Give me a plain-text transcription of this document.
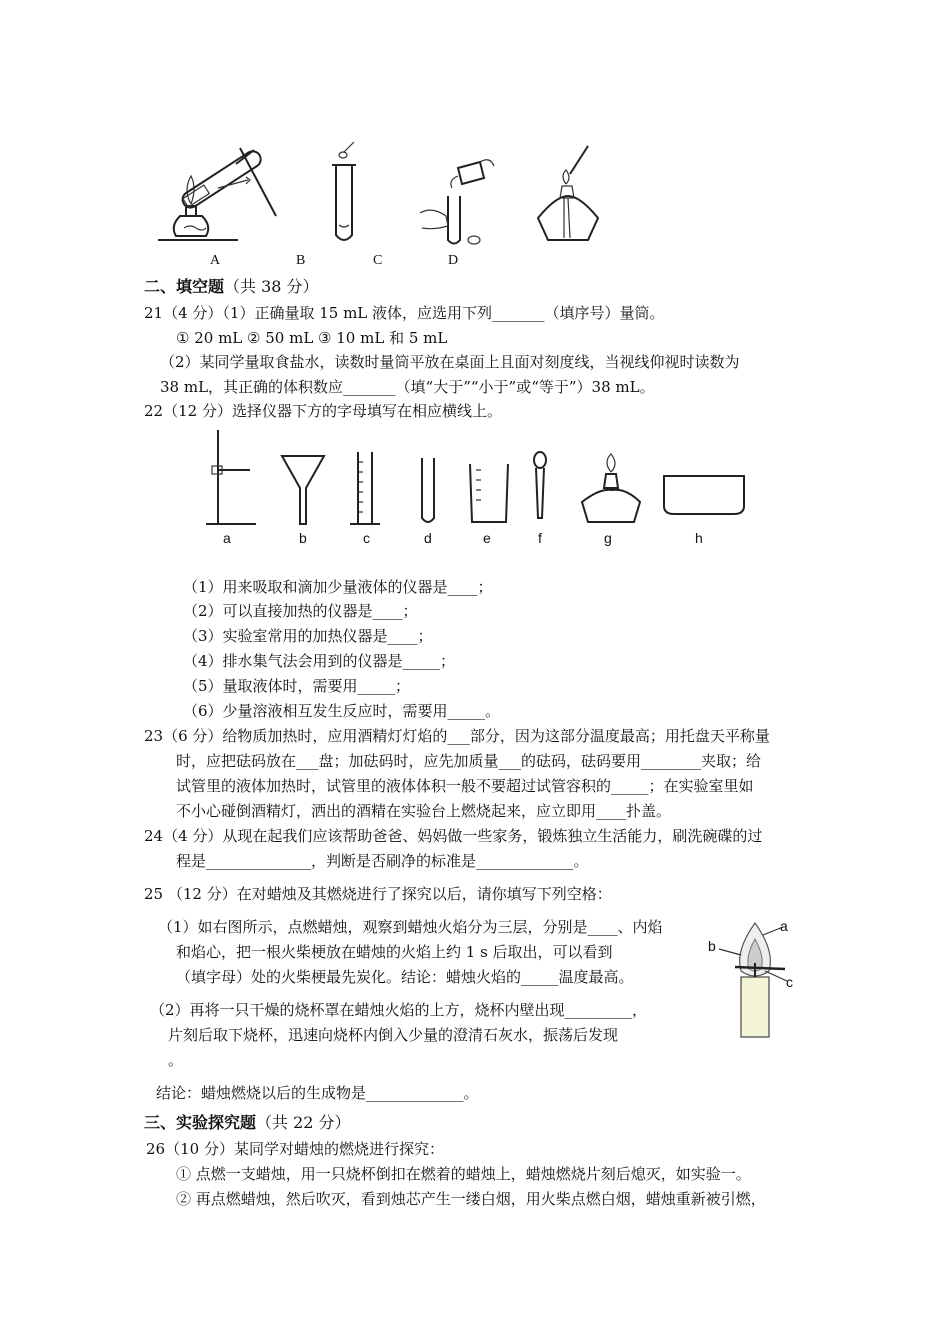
A	B	C	D
二、填空题（共 38 分）
21（4 分）（1）正确量取 15 mL 液体，应选用下列_______（填序号）量筒。
① 20 mL ② 50 mL ③ 10 mL 和 5 mL
（2）某同学量取食盐水，读数时量筒平放在桌面上且面对刻度线，当视线仰视时读数为
38 mL，其正确的体积数应_______（填“大于”“小于”或“等于”）38 mL。
22（12 分）选择仪器下方的字母填写在相应横线上。
a	b	c	d	e	f	g	h
（1）用来吸取和滴加少量液体的仪器是____；
（2）可以直接加热的仪器是____；
（3）实验室常用的加热仪器是____；
（4）排水集气法会用到的仪器是_____；
（5）量取液体时，需要用_____；
（6）少量溶液相互发生反应时，需要用_____。
23（6 分）给物质加热时，应用酒精灯灯焰的___部分，因为这部分温度最高；用托盘天平称量
时，应把砝码放在___盘；加砝码时，应先加质量___的砝码，砝码要用________夹取；给
试管里的液体加热时，试管里的液体体积一般不要超过试管容积的_____；在实验室里如
不小心碰倒酒精灯，洒出的酒精在实验台上燃烧起来，应立即用____扑盖。
24（4 分）从现在起我们应该帮助爸爸、妈妈做一些家务，锻炼独立生活能力，刷洗碗碟的过
程是______________，判断是否刷净的标准是_____________。
25 （12 分）在对蜡烛及其燃烧进行了探究以后，请你填写下列空格：
（1）如右图所示，点燃蜡烛，观察到蜡烛火焰分为三层，分别是____、内焰
和焰心，把一根火柴梗放在蜡烛的火焰上约 1 s 后取出，可以看到
（填字母）处的火柴梗最先炭化。结论：蜡烛火焰的_____温度最高。
（2）再将一只干燥的烧杯罩在蜡烛火焰的上方，烧杯内壁出现_________，
片刻后取下烧杯，迅速向烧杯内倒入少量的澄清石灰水，振荡后发现
。
结论：蜡烛燃烧以后的生成物是_____________。
a
b
c
三、实验探究题（共 22 分）
26（10 分）某同学对蜡烛的燃烧进行探究：
① 点燃一支蜡烛，用一只烧杯倒扣在燃着的蜡烛上，蜡烛燃烧片刻后熄灭，如实验一。
② 再点燃蜡烛，然后吹灭，看到烛芯产生一缕白烟，用火柴点燃白烟，蜡烛重新被引燃，
